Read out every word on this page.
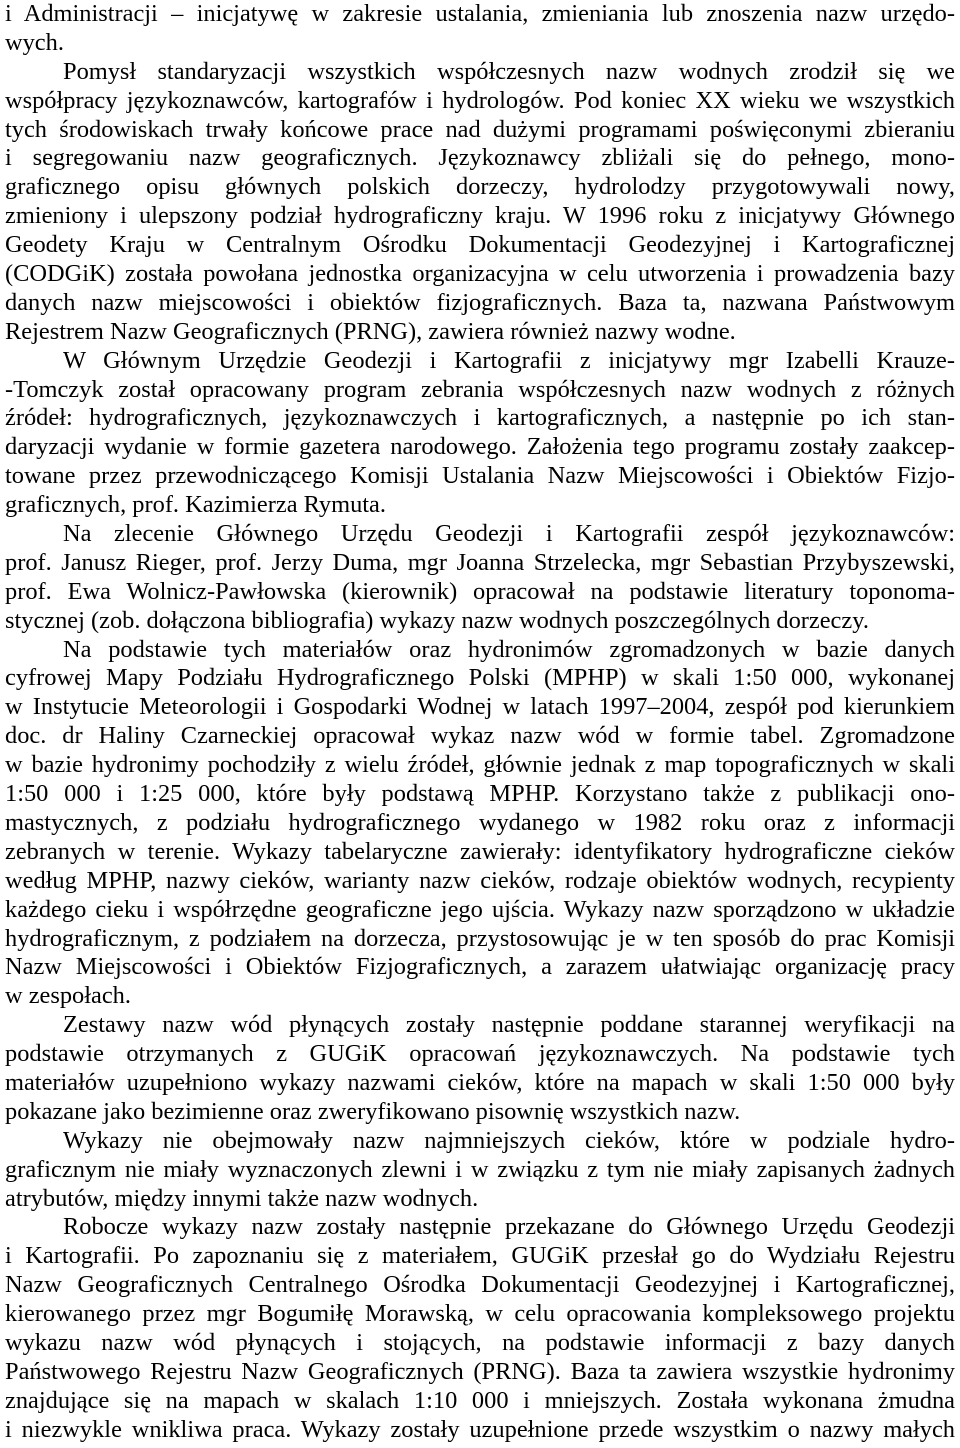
i Administracji – inicjatywę w zakresie ustalania, zmieniania lub znoszenia nazw urzędo-
wych.
Pomysł standaryzacji wszystkich współczesnych nazw wodnych zrodził się we
współpracy językoznawców, kartografów i hydrologów. Pod koniec XX wieku we wszystkich
tych środowiskach trwały końcowe prace nad dużymi programami poświęconymi zbieraniu
i segregowaniu nazw geograficznych. Językoznawcy zbliżali się do pełnego, mono-
graficznego opisu głównych polskich dorzeczy, hydrolodzy przygotowywali nowy,
zmieniony i ulepszony podział hydrograficzny kraju. W 1996 roku z inicjatywy Głównego
Geodety Kraju w Centralnym Ośrodku Dokumentacji Geodezyjnej i Kartograficznej
(CODGiK) została powołana jednostka organizacyjna w celu utworzenia i prowadzenia bazy
danych nazw miejscowości i obiektów fizjograficznych. Baza ta, nazwana Państwowym
Rejestrem Nazw Geograficznych (PRNG), zawiera również nazwy wodne.
W Głównym Urzędzie Geodezji i Kartografii z inicjatywy mgr Izabelli Krauze-
-Tomczyk został opracowany program zebrania współczesnych nazw wodnych z różnych
źródeł: hydrograficznych, językoznawczych i kartograficznych, a następnie po ich stan-
daryzacji wydanie w formie gazetera narodowego. Założenia tego programu zostały zaakcep-
towane przez przewodniczącego Komisji Ustalania Nazw Miejscowości i Obiektów Fizjo-
graficznych, prof. Kazimierza Rymuta.
Na zlecenie Głównego Urzędu Geodezji i Kartografii zespół językoznawców:
prof. Janusz Rieger, prof. Jerzy Duma, mgr Joanna Strzelecka, mgr Sebastian Przybyszewski,
prof. Ewa Wolnicz-Pawłowska (kierownik) opracował na podstawie literatury toponoma-
stycznej (zob. dołączona bibliografia) wykazy nazw wodnych poszczególnych dorzeczy.
Na podstawie tych materiałów oraz hydronimów zgromadzonych w bazie danych
cyfrowej Mapy Podziału Hydrograficznego Polski (MPHP) w skali 1:50 000, wykonanej
w Instytucie Meteorologii i Gospodarki Wodnej w latach 1997–2004, zespół pod kierunkiem
doc. dr Haliny Czarneckiej opracował wykaz nazw wód w formie tabel. Zgromadzone
w bazie hydronimy pochodziły z wielu źródeł, głównie jednak z map topograficznych w skali
1:50 000 i 1:25 000, które były podstawą MPHP. Korzystano także z publikacji ono-
mastycznych, z podziału hydrograficznego wydanego w 1982 roku oraz z informacji
zebranych w terenie. Wykazy tabelaryczne zawierały: identyfikatory hydrograficzne cieków
według MPHP, nazwy cieków, warianty nazw cieków, rodzaje obiektów wodnych, recypienty
każdego cieku i współrzędne geograficzne jego ujścia. Wykazy nazw sporządzono w układzie
hydrograficznym, z podziałem na dorzecza, przystosowując je w ten sposób do prac Komisji
Nazw Miejscowości i Obiektów Fizjograficznych, a zarazem ułatwiając organizację pracy
w zespołach.
Zestawy nazw wód płynących zostały następnie poddane starannej weryfikacji na
podstawie otrzymanych z GUGiK opracowań językoznawczych. Na podstawie tych
materiałów uzupełniono wykazy nazwami cieków, które na mapach w skali 1:50 000 były
pokazane jako bezimienne oraz zweryfikowano pisownię wszystkich nazw.
Wykazy nie obejmowały nazw najmniejszych cieków, które w podziale hydro-
graficznym nie miały wyznaczonych zlewni i w związku z tym nie miały zapisanych żadnych
atrybutów, między innymi także nazw wodnych.
Robocze wykazy nazw zostały następnie przekazane do Głównego Urzędu Geodezji
i Kartografii. Po zapoznaniu się z materiałem, GUGiK przesłał go do Wydziału Rejestru
Nazw Geograficznych Centralnego Ośrodka Dokumentacji Geodezyjnej i Kartograficznej,
kierowanego przez mgr Bogumiłę Morawską, w celu opracowania kompleksowego projektu
wykazu nazw wód płynących i stojących, na podstawie informacji z bazy danych
Państwowego Rejestru Nazw Geograficznych (PRNG). Baza ta zawiera wszystkie hydronimy
znajdujące się na mapach w skalach 1:10 000 i mniejszych. Została wykonana żmudna
i niezwykle wnikliwa praca. Wykazy zostały uzupełnione przede wszystkim o nazwy małych
